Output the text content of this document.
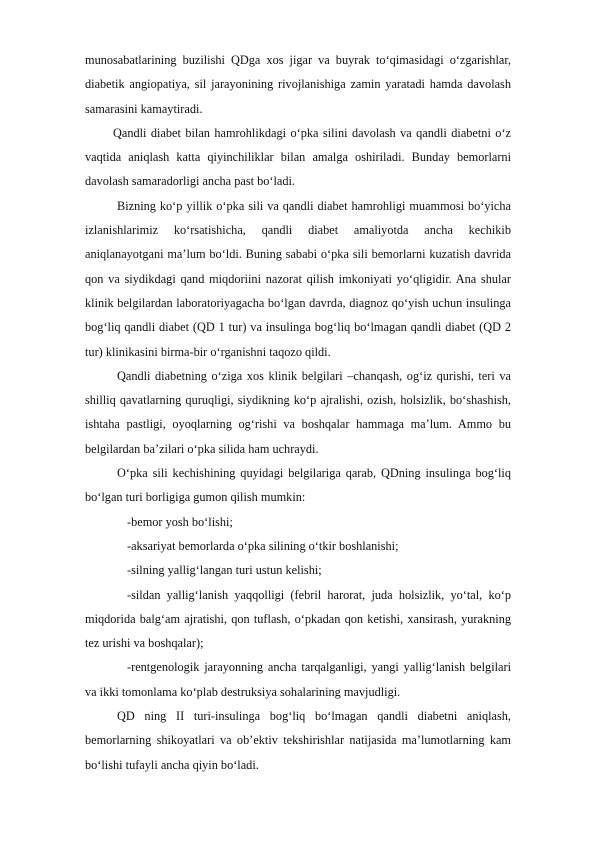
munosabatlarining buzilishi QDga xos jigar va buyrak to‘qimasidagi o‘zgarishlar, diabetik angiopatiya, sil jarayonining rivojlanishiga zamin yaratadi hamda davolash samarasini kamaytiradi.

Qandli diabet bilan hamrohlikdagi o‘pka silini davolash va qandli diabetni o‘z vaqtida aniqlash katta qiyinchiliklar bilan amalga oshiriladi. Bunday bemorlarni davolash samaradorligi ancha past bo‘ladi.

Bizning ko‘p yillik o‘pka sili va qandli diabet hamrohligi muammosi bo‘yicha izlanishlarimiz ko‘rsatishicha, qandli diabet amaliyotda ancha kechikib aniqlanayotgani ma’lum bo‘ldi. Buning sababi o‘pka sili bemorlarni kuzatish davrida qon va siydikdagi qand miqdoriini nazorat qilish imkoniyati yo‘qligidir. Ana shular klinik belgilardan laboratoriyagacha bo‘lgan davrda, diagnoz qo‘yish uchun insulinga bog‘liq qandli diabet (QD 1 tur) va insulinga bog‘liq bo‘lmagan qandli diabet (QD 2 tur) klinikasini birma-bir o‘rganishni taqozo qildi.

Qandli diabetning o‘ziga xos klinik belgilari –chanqash, og‘iz qurishi, teri va shilliq qavatlarning quruqligi, siydikning ko‘p ajralishi, ozish, holsizlik, bo‘shashish, ishtaha pastligi, oyoqlarning og‘rishi va boshqalar hammaga ma’lum. Ammo bu belgilardan ba’zilari o‘pka silida ham uchraydi.

O‘pka sili kechishining quyidagi belgilariga qarab, QDning insulinga bog‘liq bo‘lgan turi borligiga gumon qilish mumkin:

-bemor yosh bo‘lishi;

-aksariyat bemorlarda o‘pka silining o‘tkir boshlanishi;

-silning yallig‘langan turi ustun kelishi;

-sildan yallig‘lanish yaqqolligi (febril harorat, juda holsizlik, yo‘tal, ko‘p miqdorida balg‘am ajratishi, qon tuflash, o‘pkadan qon ketishi, xansirash, yurakning tez urishi va boshqalar);

-rentgenologik jarayonning ancha tarqalganligi, yangi yallig‘lanish belgilari va ikki tomonlama ko‘plab destruksiya sohalarining mavjudligi.

QD ning II turi-insulinga bog‘liq bo‘lmagan qandli diabetni aniqlash, bemorlarning shikoyatlari va ob’ektiv tekshirishlar natijasida ma’lumotlarning kam bo‘lishi tufayli ancha qiyin bo‘ladi.
